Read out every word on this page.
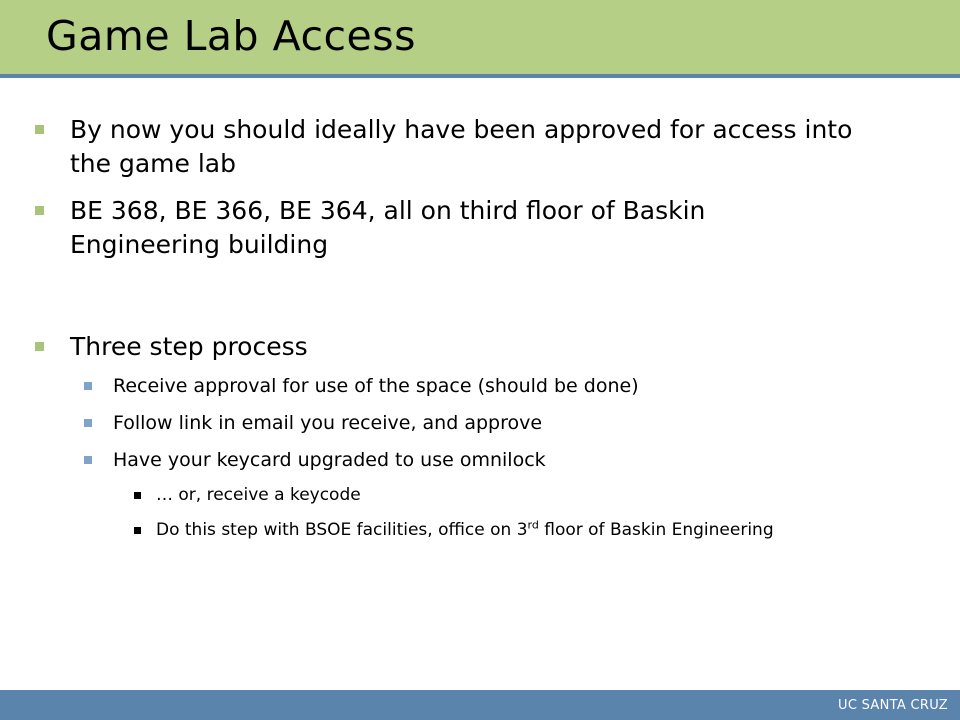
Game Lab Access
By now you should ideally have been approved for access into
the game lab
BE 368, BE 366, BE 364, all on third floor of Baskin
Engineering building
Three step process
Receive approval for use of the space (should be done)
Follow link in email you receive, and approve
Have your keycard upgraded to use omnilock
… or, receive a keycode
Do this step with BSOE facilities, office on 3rd floor of Baskin Engineering
UC SANTA CRUZ
